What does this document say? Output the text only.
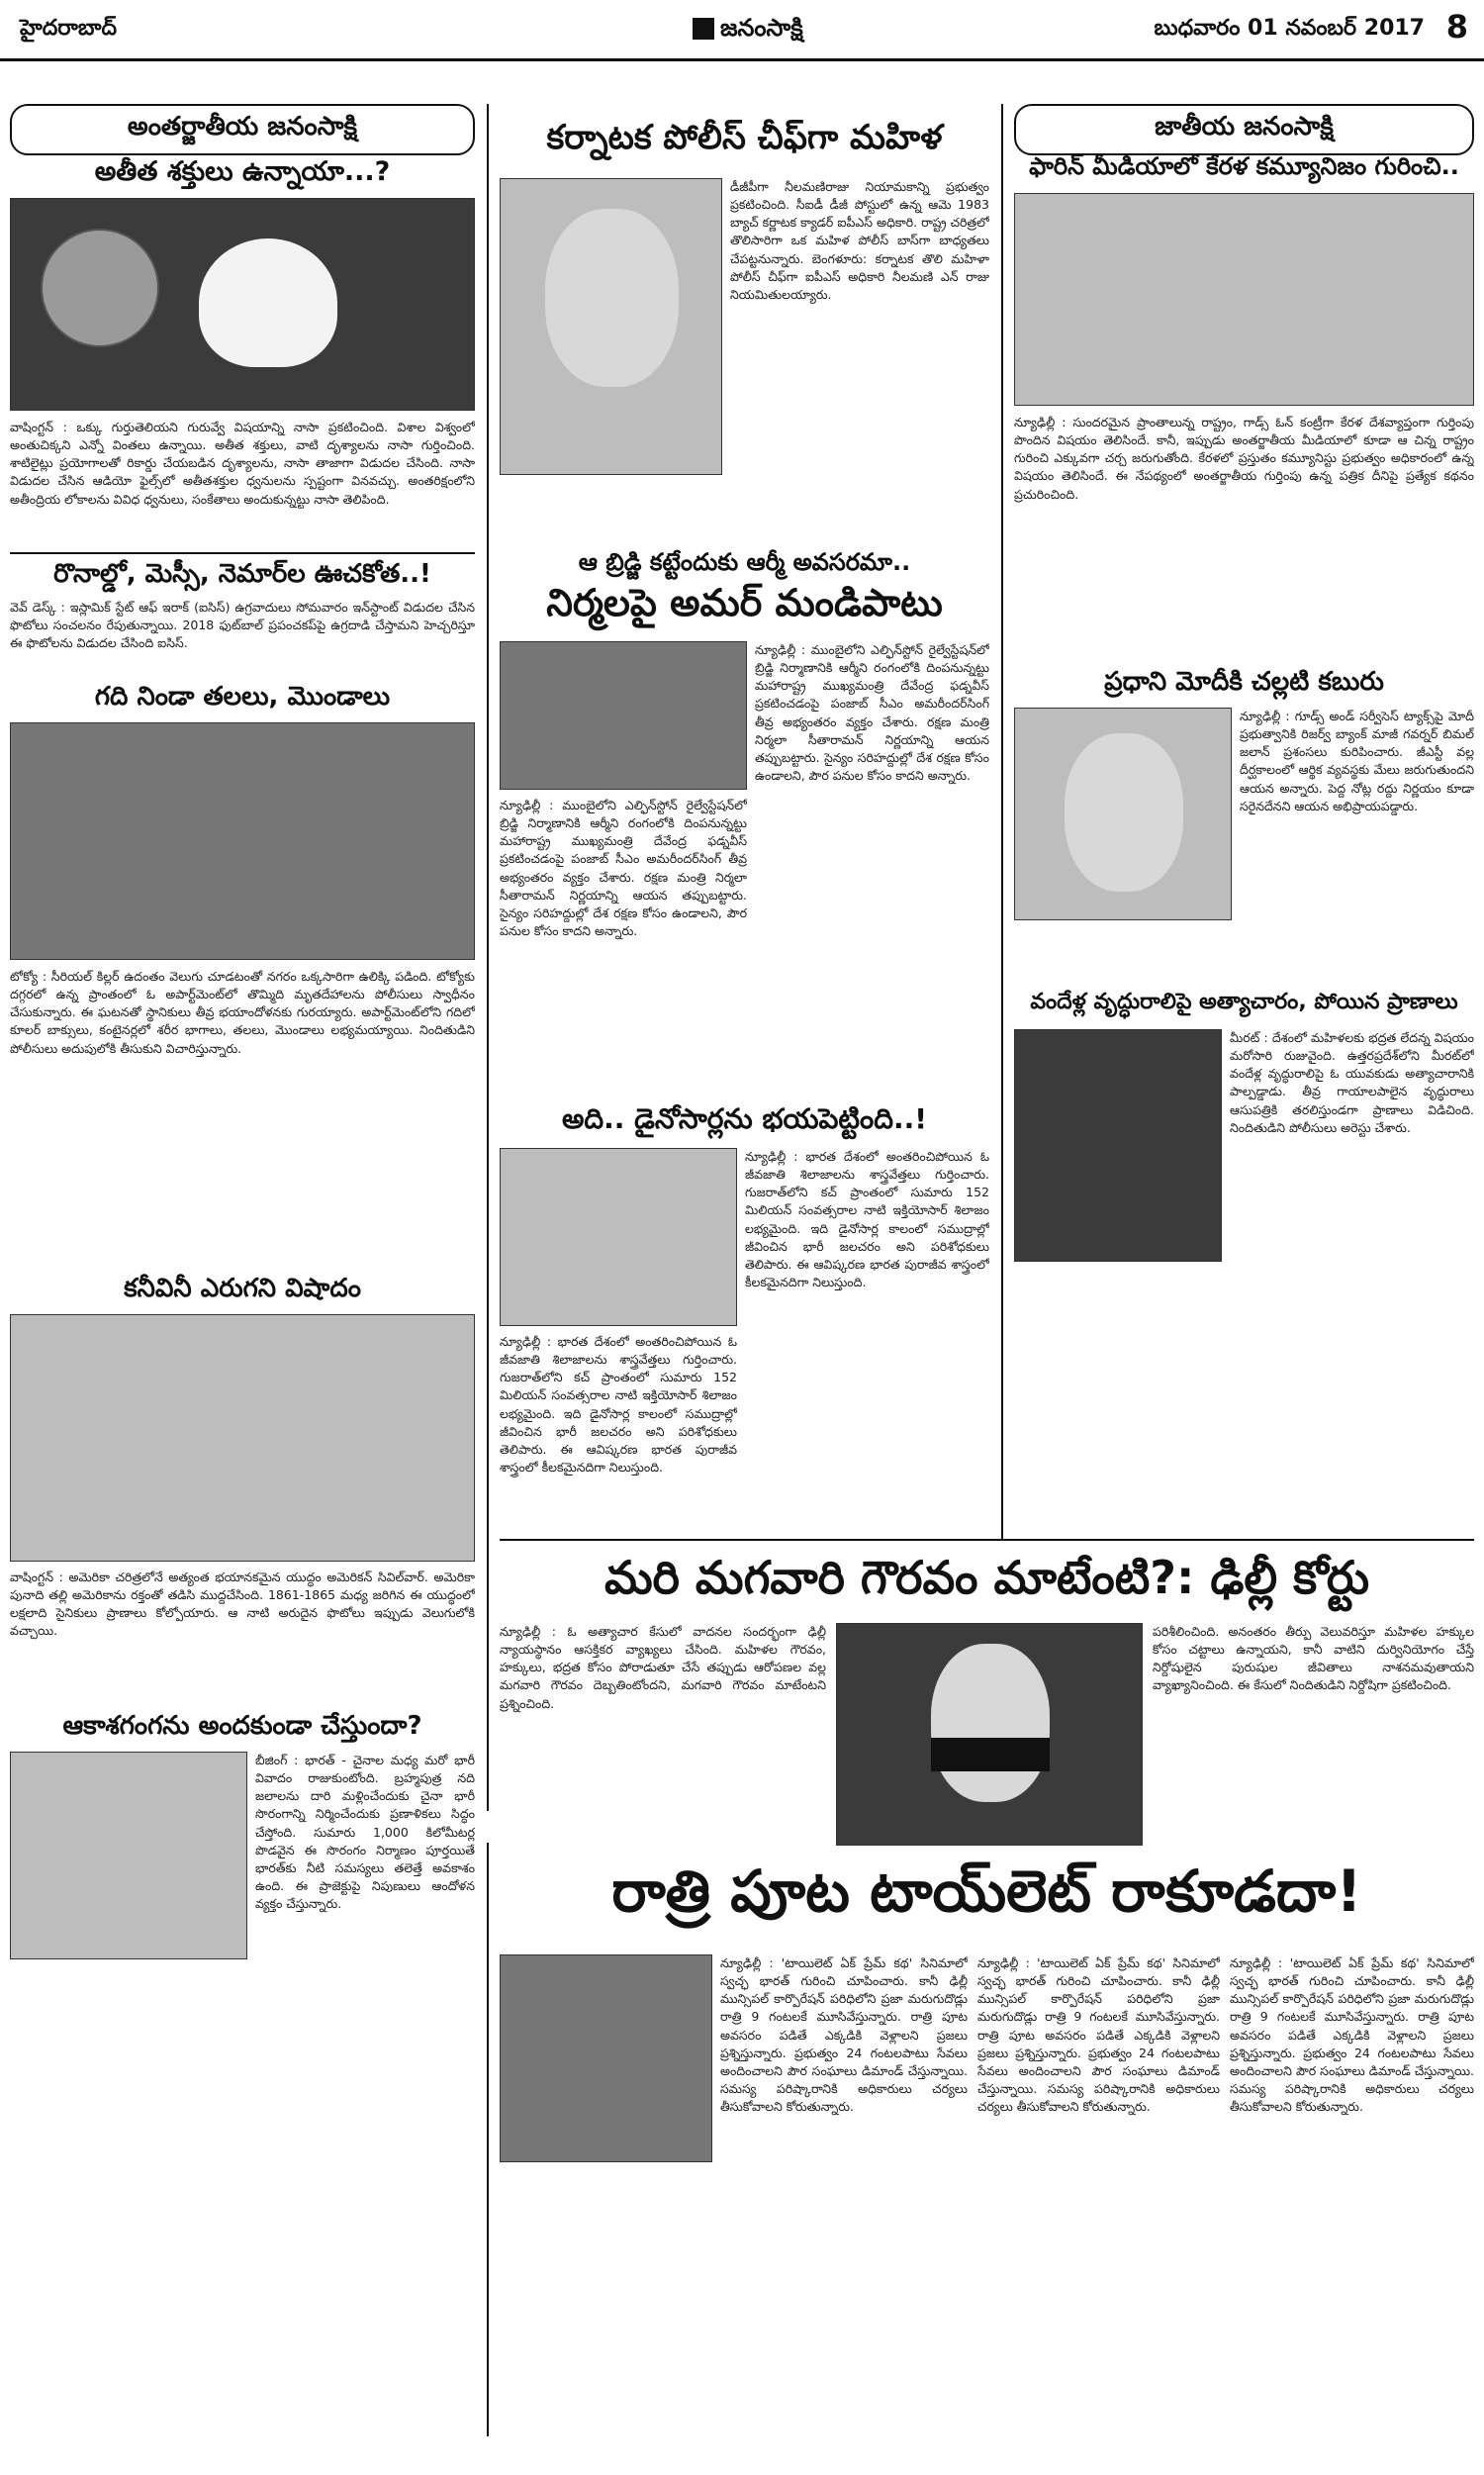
హైదరాబాద్	జనంసాక్షి	బుధవారం 01 నవంబర్‌ 2017 8
అంతర్జాతీయ జనంసాక్షి
అతీత శక్తులు ఉన్నాయా...?
వాషింగ్టన్‌ : ఒక్కు గుర్తుతెలియని గురువ్వే విషయాన్ని నాసా ప్రకటించింది. విశాల విశ్వంలో అంతుచిక్కని ఎన్నో వింతలు ఉన్నాయి. అతీత శక్తులు, వాటి దృశ్యాలను నాసా గుర్తించింది. శాటిలైట్లు ప్రయోగాలతో రికార్డు చేయబడిన దృశ్యాలను, నాసా తాజాగా విడుదల చేసింది. నాసా విడుదల చేసిన ఆడియో ఫైల్స్‌లో అతీతశక్తుల ధ్వనులను స్పష్టంగా వినవచ్చు. అంతరిక్షంలోని అతీంద్రియ లోకాలను వివిధ ధ్వనులు, సంకేతాలు అందుకున్నట్టు నాసా తెలిపింది.
రొనాల్డో, మెస్సీ, నెమార్‌ల ఊచకోత..!
వెవ్‌ డెస్క్‌ : ఇస్లామిక్‌ స్టేట్‌ ఆఫ్‌ ఇరాక్‌ (ఐసిస్‌) ఉగ్రవాదులు సోమవారం ఇన్‌స్టాంట్‌ విడుదల చేసిన ఫొటోలు సంచలనం రేపుతున్నాయి. 2018 ఫుట్‌బాల్‌ ప్రపంచకప్‌పై ఉగ్రదాడి చేస్తామని హెచ్చరిస్తూ ఈ ఫొటోలను విడుదల చేసింది ఐసిస్‌.
గది నిండా తలలు, మొండాలు
టోక్యో : సీరియల్‌ కిల్లర్‌ ఉదంతం వెలుగు చూడటంతో నగరం ఒక్కసారిగా ఉలిక్కి పడింది. టోక్యోకు దగ్గరలో ఉన్న ప్రాంతంలో ఓ అపార్ట్‌మెంట్‌లో తొమ్మిది మృతదేహాలను పోలీసులు స్వాధీనం చేసుకున్నారు. ఈ ఘటనతో స్థానికులు తీవ్ర భయాందోళనకు గురయ్యారు. అపార్ట్‌మెంట్‌లోని గదిలో కూలర్‌ బాక్సులు, కంటైనర్లలో శరీర భాగాలు, తలలు, మొండాలు లభ్యమయ్యాయి. నిందితుడిని పోలీసులు అదుపులోకి తీసుకుని విచారిస్తున్నారు.
కనీవినీ ఎరుగని విషాదం
వాషింగ్టన్‌ : అమెరికా చరిత్రలోనే అత్యంత భయానకమైన యుద్ధం అమెరికన్‌ సివిల్‌వార్‌. అమెరికా పునాది తల్లి అమెరికాను రక్తంతో తడిసి ముద్దచేసింది. 1861-1865 మధ్య జరిగిన ఈ యుద్ధంలో లక్షలాది సైనికులు ప్రాణాలు కోల్పోయారు. ఆ నాటి అరుదైన ఫొటోలు ఇప్పుడు వెలుగులోకి వచ్చాయి.
ఆకాశగంగను అందకుండా చేస్తుందా?
బీజింగ్‌ : భారత్‌ - చైనాల మధ్య మరో భారీ వివాదం రాజుకుంటోంది. బ్రహ్మపుత్ర నది జలాలను దారి మళ్లించేందుకు చైనా భారీ సొరంగాన్ని నిర్మించేందుకు ప్రణాళికలు సిద్ధం చేస్తోంది. సుమారు 1,000 కిలోమీటర్ల పొడవైన ఈ సొరంగం నిర్మాణం పూర్తయితే భారత్‌కు నీటి సమస్యలు తలెత్తే అవకాశం ఉంది. ఈ ప్రాజెక్టుపై నిపుణులు ఆందోళన వ్యక్తం చేస్తున్నారు.
కర్నాటక పోలీస్‌ చీఫ్‌గా మహిళ
డీజీపీగా నీలమణిరాజు నియామకాన్ని ప్రభుత్వం ప్రకటించింది. సీఐడీ డీజీ పోస్టులో ఉన్న ఆమె 1983 బ్యాచ్‌ కర్ణాటక క్యాడర్‌ ఐపీఎస్‌ అధికారి. రాష్ట్ర చరిత్రలో తొలిసారిగా ఒక మహిళ పోలీస్‌ బాస్‌గా బాధ్యతలు చేపట్టనున్నారు. బెంగళూరు: కర్నాటక తొలి మహిళా పోలీస్‌ చీఫ్‌గా ఐపీఎస్‌ అధికారి నీలమణి ఎన్‌ రాజు నియమితులయ్యారు.
ఆ బ్రిడ్జి కట్టేందుకు ఆర్మీ అవసరమా..
నిర్మలపై అమర్‌ మండిపాటు
న్యూఢిల్లీ : ముంబైలోని ఎల్ఫిన్‌స్టోన్‌ రైల్వేస్టేషన్‌లో బ్రిడ్జి నిర్మాణానికి ఆర్మీని రంగంలోకి దింపనున్నట్టు మహారాష్ట్ర ముఖ్యమంత్రి దేవేంద్ర ఫడ్నవీస్‌ ప్రకటించడంపై పంజాబ్‌ సీఎం అమరీందర్‌సింగ్‌ తీవ్ర అభ్యంతరం వ్యక్తం చేశారు. రక్షణ మంత్రి నిర్మలా సీతారామన్‌ నిర్ణయాన్ని ఆయన తప్పుబట్టారు. సైన్యం సరిహద్దుల్లో దేశ రక్షణ కోసం ఉండాలని, పౌర పనుల కోసం కాదని అన్నారు.
న్యూఢిల్లీ : ముంబైలోని ఎల్ఫిన్‌స్టోన్‌ రైల్వేస్టేషన్‌లో బ్రిడ్జి నిర్మాణానికి ఆర్మీని రంగంలోకి దింపనున్నట్టు మహారాష్ట్ర ముఖ్యమంత్రి దేవేంద్ర ఫడ్నవీస్‌ ప్రకటించడంపై పంజాబ్‌ సీఎం అమరీందర్‌సింగ్‌ తీవ్ర అభ్యంతరం వ్యక్తం చేశారు. రక్షణ మంత్రి నిర్మలా సీతారామన్‌ నిర్ణయాన్ని ఆయన తప్పుబట్టారు. సైన్యం సరిహద్దుల్లో దేశ రక్షణ కోసం ఉండాలని, పౌర పనుల కోసం కాదని అన్నారు.
అది.. డైనోసార్లను భయపెట్టింది..!
న్యూఢిల్లీ : భారత దేశంలో అంతరించిపోయిన ఓ జీవజాతి శిలాజాలను శాస్త్రవేత్తలు గుర్తించారు. గుజరాత్‌లోని కచ్‌ ప్రాంతంలో సుమారు 152 మిలియన్‌ సంవత్సరాల నాటి ఇక్తియోసార్‌ శిలాజం లభ్యమైంది. ఇది డైనోసార్ల కాలంలో సముద్రాల్లో జీవించిన భారీ జలచరం అని పరిశోధకులు తెలిపారు. ఈ ఆవిష్కరణ భారత పురాజీవ శాస్త్రంలో కీలకమైనదిగా నిలుస్తుంది.
న్యూఢిల్లీ : భారత దేశంలో అంతరించిపోయిన ఓ జీవజాతి శిలాజాలను శాస్త్రవేత్తలు గుర్తించారు. గుజరాత్‌లోని కచ్‌ ప్రాంతంలో సుమారు 152 మిలియన్‌ సంవత్సరాల నాటి ఇక్తియోసార్‌ శిలాజం లభ్యమైంది. ఇది డైనోసార్ల కాలంలో సముద్రాల్లో జీవించిన భారీ జలచరం అని పరిశోధకులు తెలిపారు. ఈ ఆవిష్కరణ భారత పురాజీవ శాస్త్రంలో కీలకమైనదిగా నిలుస్తుంది.
జాతీయ జనంసాక్షి
ఫారిన్‌ మీడియాలో కేరళ కమ్యూనిజం గురించి..
న్యూఢిల్లీ : సుందరమైన ప్రాంతాలున్న రాష్ట్రం, గాడ్స్‌ ఓన్‌ కంట్రీగా కేరళ దేశవ్యాప్తంగా గుర్తింపు పొందిన విషయం తెలిసిందే. కానీ, ఇప్పుడు అంతర్జాతీయ మీడియాలో కూడా ఆ చిన్న రాష్ట్రం గురించి ఎక్కువగా చర్చ జరుగుతోంది. కేరళలో ప్రస్తుతం కమ్యూనిస్టు ప్రభుత్వం అధికారంలో ఉన్న విషయం తెలిసిందే. ఈ నేపథ్యంలో అంతర్జాతీయ గుర్తింపు ఉన్న పత్రిక దీనిపై ప్రత్యేక కథనం ప్రచురించింది.
ప్రధాని మోదీకి చల్లటి కబురు
న్యూఢిల్లీ : గూడ్స్‌ అండ్‌ సర్వీసెస్‌ ట్యాక్స్‌పై మోదీ ప్రభుత్వానికి రిజర్వ్‌ బ్యాంక్‌ మాజీ గవర్నర్‌ బిమల్‌ జలాన్‌ ప్రశంసలు కురిపించారు. జీఎస్టీ వల్ల దీర్ఘకాలంలో ఆర్థిక వ్యవస్థకు మేలు జరుగుతుందని ఆయన అన్నారు. పెద్ద నోట్ల రద్దు నిర్ణయం కూడా సరైనదేనని ఆయన అభిప్రాయపడ్డారు.
వందేళ్ల వృద్ధురాలిపై అత్యాచారం, పోయిన ప్రాణాలు
మీరట్‌ : దేశంలో మహిళలకు భద్రత లేదన్న విషయం మరోసారి రుజువైంది. ఉత్తరప్రదేశ్‌లోని మీరట్‌లో వందేళ్ల వృద్ధురాలిపై ఓ యువకుడు అత్యాచారానికి పాల్పడ్డాడు. తీవ్ర గాయాలపాలైన వృద్ధురాలు ఆసుపత్రికి తరలిస్తుండగా ప్రాణాలు విడిచింది. నిందితుడిని పోలీసులు అరెస్టు చేశారు.
మరి మగవారి గౌరవం మాటేంటి?: ఢిల్లీ కోర్టు
న్యూఢిల్లీ : ఓ అత్యాచార కేసులో వాదనల సందర్భంగా ఢిల్లీ న్యాయస్థానం ఆసక్తికర వ్యాఖ్యలు చేసింది. మహిళల గౌరవం, హక్కులు, భద్రత కోసం పోరాడుతూ చేసే తప్పుడు ఆరోపణల వల్ల మగవారి గౌరవం దెబ్బతింటోందని, మగవారి గౌరవం మాటేంటని ప్రశ్నించింది.
పరిశీలించింది. అనంతరం తీర్పు వెలువరిస్తూ మహిళల హక్కుల కోసం చట్టాలు ఉన్నాయని, కానీ వాటిని దుర్వినియోగం చేస్తే నిర్దోషులైన పురుషుల జీవితాలు నాశనమవుతాయని వ్యాఖ్యానించింది. ఈ కేసులో నిందితుడిని నిర్దోషిగా ప్రకటించింది.
రాత్రి పూట టాయ్‌లెట్‌ రాకూడదా!
న్యూఢిల్లీ : 'టాయిలెట్‌ ఏక్‌ ప్రేమ్‌ కథ' సినిమాలో స్వచ్ఛ భారత్‌ గురించి చూపించారు. కానీ ఢిల్లీ మున్సిపల్‌ కార్పొరేషన్‌ పరిధిలోని ప్రజా మరుగుదొడ్లు రాత్రి 9 గంటలకే మూసివేస్తున్నారు. రాత్రి పూట అవసరం పడితే ఎక్కడికి వెళ్లాలని ప్రజలు ప్రశ్నిస్తున్నారు. ప్రభుత్వం 24 గంటలపాటు సేవలు అందించాలని పౌర సంఘాలు డిమాండ్‌ చేస్తున్నాయి. సమస్య పరిష్కారానికి అధికారులు చర్యలు తీసుకోవాలని కోరుతున్నారు.
న్యూఢిల్లీ : 'టాయిలెట్‌ ఏక్‌ ప్రేమ్‌ కథ' సినిమాలో స్వచ్ఛ భారత్‌ గురించి చూపించారు. కానీ ఢిల్లీ మున్సిపల్‌ కార్పొరేషన్‌ పరిధిలోని ప్రజా మరుగుదొడ్లు రాత్రి 9 గంటలకే మూసివేస్తున్నారు. రాత్రి పూట అవసరం పడితే ఎక్కడికి వెళ్లాలని ప్రజలు ప్రశ్నిస్తున్నారు. ప్రభుత్వం 24 గంటలపాటు సేవలు అందించాలని పౌర సంఘాలు డిమాండ్‌ చేస్తున్నాయి. సమస్య పరిష్కారానికి అధికారులు చర్యలు తీసుకోవాలని కోరుతున్నారు.
న్యూఢిల్లీ : 'టాయిలెట్‌ ఏక్‌ ప్రేమ్‌ కథ' సినిమాలో స్వచ్ఛ భారత్‌ గురించి చూపించారు. కానీ ఢిల్లీ మున్సిపల్‌ కార్పొరేషన్‌ పరిధిలోని ప్రజా మరుగుదొడ్లు రాత్రి 9 గంటలకే మూసివేస్తున్నారు. రాత్రి పూట అవసరం పడితే ఎక్కడికి వెళ్లాలని ప్రజలు ప్రశ్నిస్తున్నారు. ప్రభుత్వం 24 గంటలపాటు సేవలు అందించాలని పౌర సంఘాలు డిమాండ్‌ చేస్తున్నాయి. సమస్య పరిష్కారానికి అధికారులు చర్యలు తీసుకోవాలని కోరుతున్నారు.
